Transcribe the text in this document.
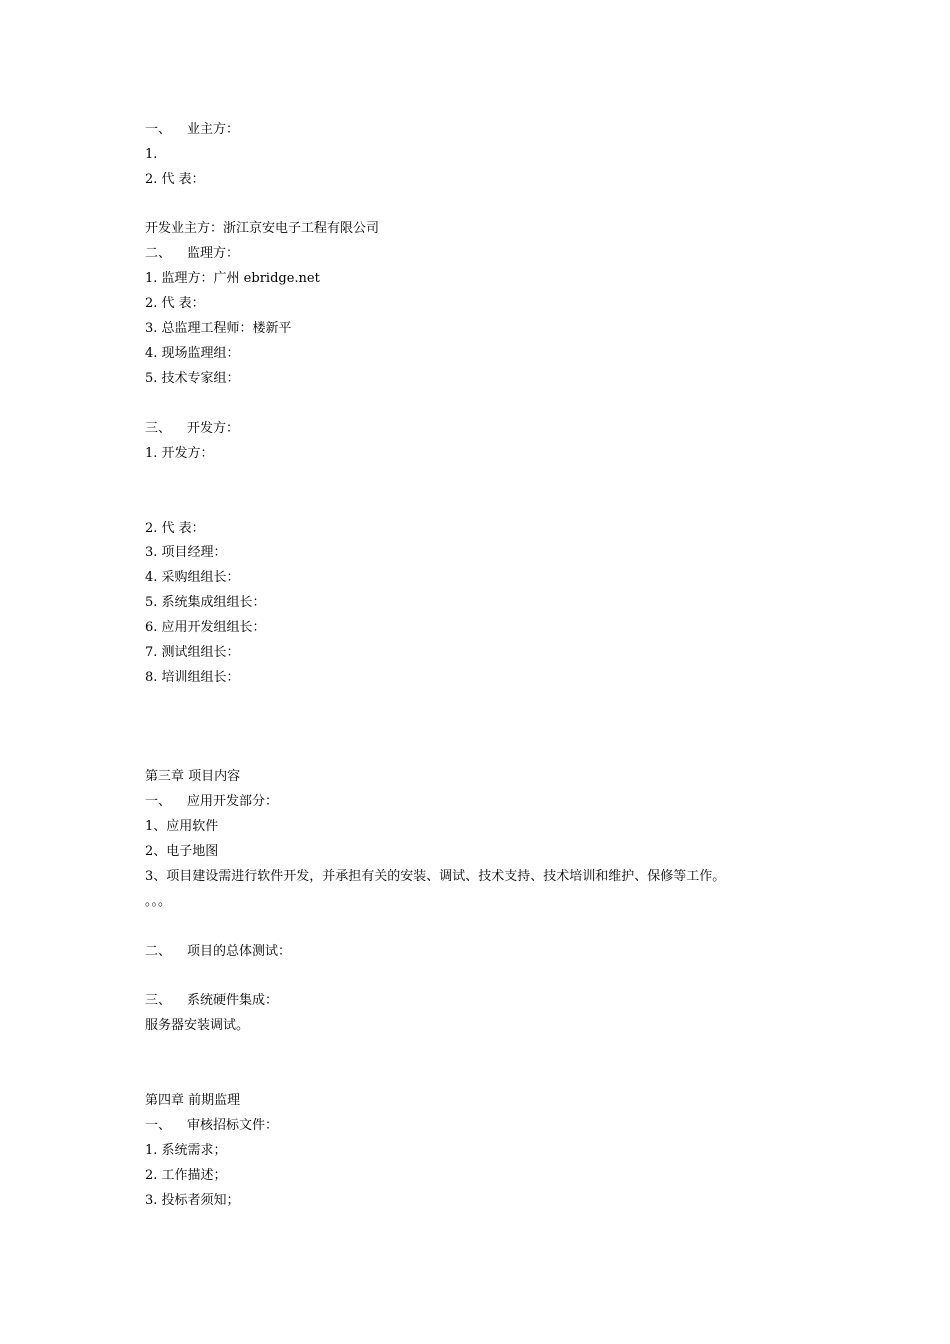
一、 业主方：
1.
2. 代 表：
开发业主方：浙江京安电子工程有限公司
二、 监理方：
1. 监理方：广州 ebridge.net
2. 代 表：
3. 总监理工程师：楼新平
4. 现场监理组：
5. 技术专家组：
三、 开发方：
1. 开发方：
2. 代 表：
3. 项目经理：
4. 采购组组长：
5. 系统集成组组长：
6. 应用开发组组长：
7. 测试组组长：
8. 培训组组长：
第三章 项目内容
一、 应用开发部分：
1、应用软件
2、电子地图
3、项目建设需进行软件开发，并承担有关的安装、调试、技术支持、技术培训和维护、保修等工作。
。。。
二、 项目的总体测试：
三、 系统硬件集成：
服务器安装调试。
第四章 前期监理
一、 审核招标文件：
1. 系统需求；
2. 工作描述；
3. 投标者须知；
